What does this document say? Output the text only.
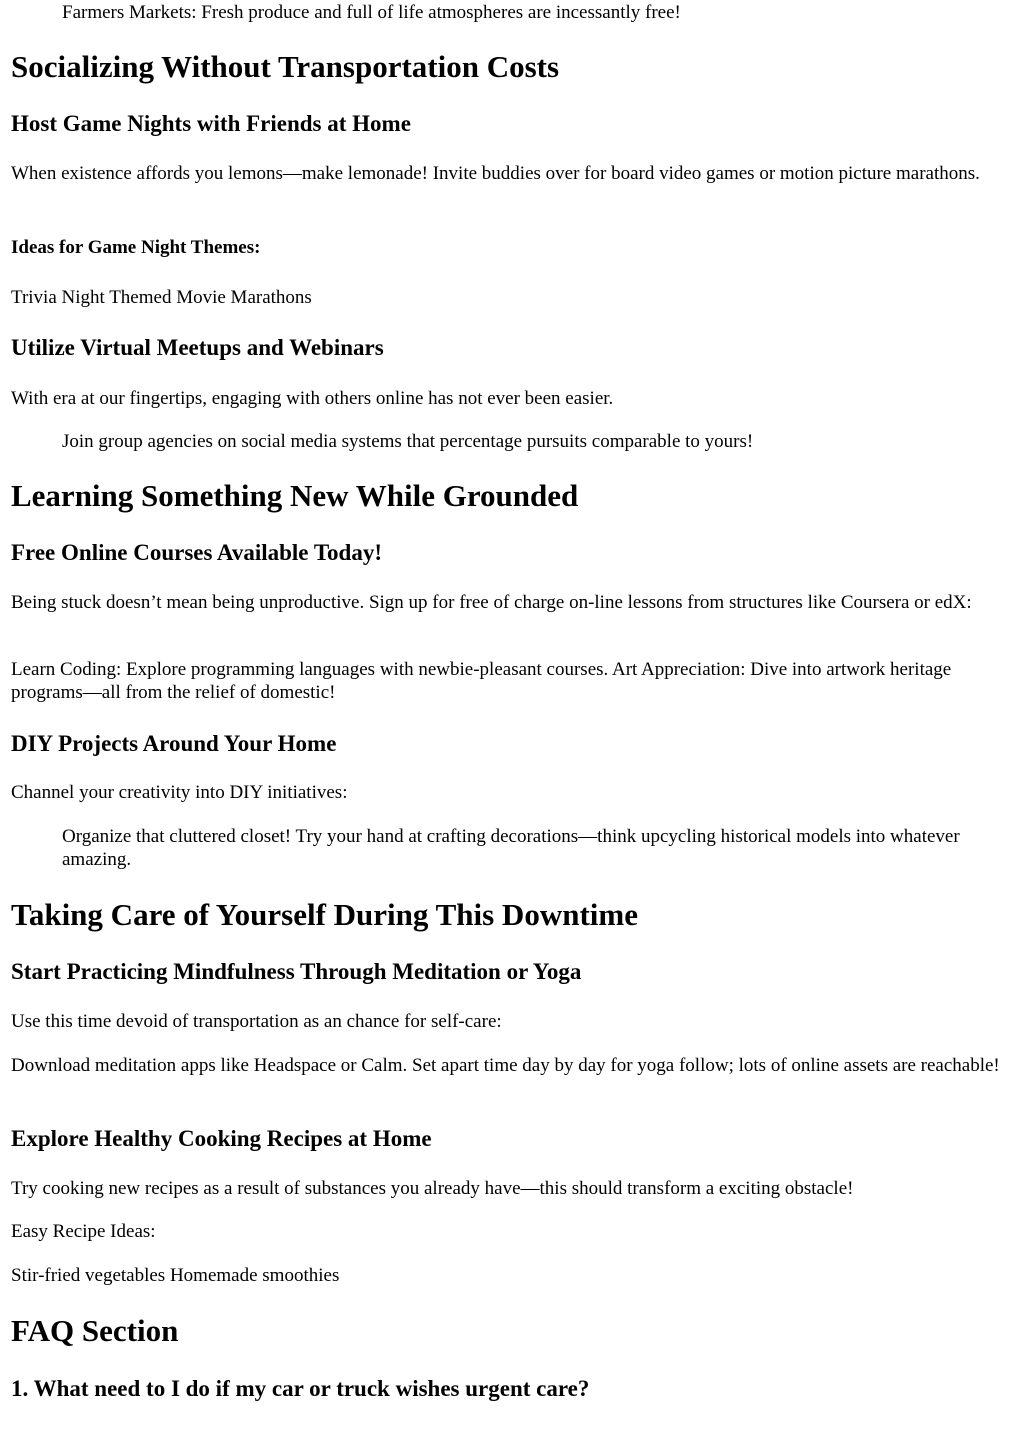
Farmers Markets: Fresh produce and full of life atmospheres are incessantly free!

Socializing Without Transportation Costs
Host Game Nights with Friends at Home

When existence affords you lemons—make lemonade! Invite buddies over for board video games or motion picture marathons.

Ideas for Game Night Themes:

Trivia Night Themed Movie Marathons

Utilize Virtual Meetups and Webinars

With era at our fingertips, engaging with others online has not ever been easier.

Join group agencies on social media systems that percentage pursuits comparable to yours!

Learning Something New While Grounded
Free Online Courses Available Today!

Being stuck doesn’t mean being unproductive. Sign up for free of charge on-line lessons from structures like Coursera or edX:

Learn Coding: Explore programming languages with newbie-pleasant courses. Art Appreciation: Dive into artwork heritage programs—all from the relief of domestic!

DIY Projects Around Your Home

Channel your creativity into DIY initiatives:

Organize that cluttered closet! Try your hand at crafting decorations—think upcycling historical models into whatever amazing.

Taking Care of Yourself During This Downtime
Start Practicing Mindfulness Through Meditation or Yoga

Use this time devoid of transportation as an chance for self-care:

Download meditation apps like Headspace or Calm. Set apart time day by day for yoga follow; lots of online assets are reachable!

Explore Healthy Cooking Recipes at Home

Try cooking new recipes as a result of substances you already have—this should transform a exciting obstacle!

Easy Recipe Ideas:

Stir-fried vegetables Homemade smoothies

FAQ Section
1. What need to I do if my car or truck wishes urgent care?
